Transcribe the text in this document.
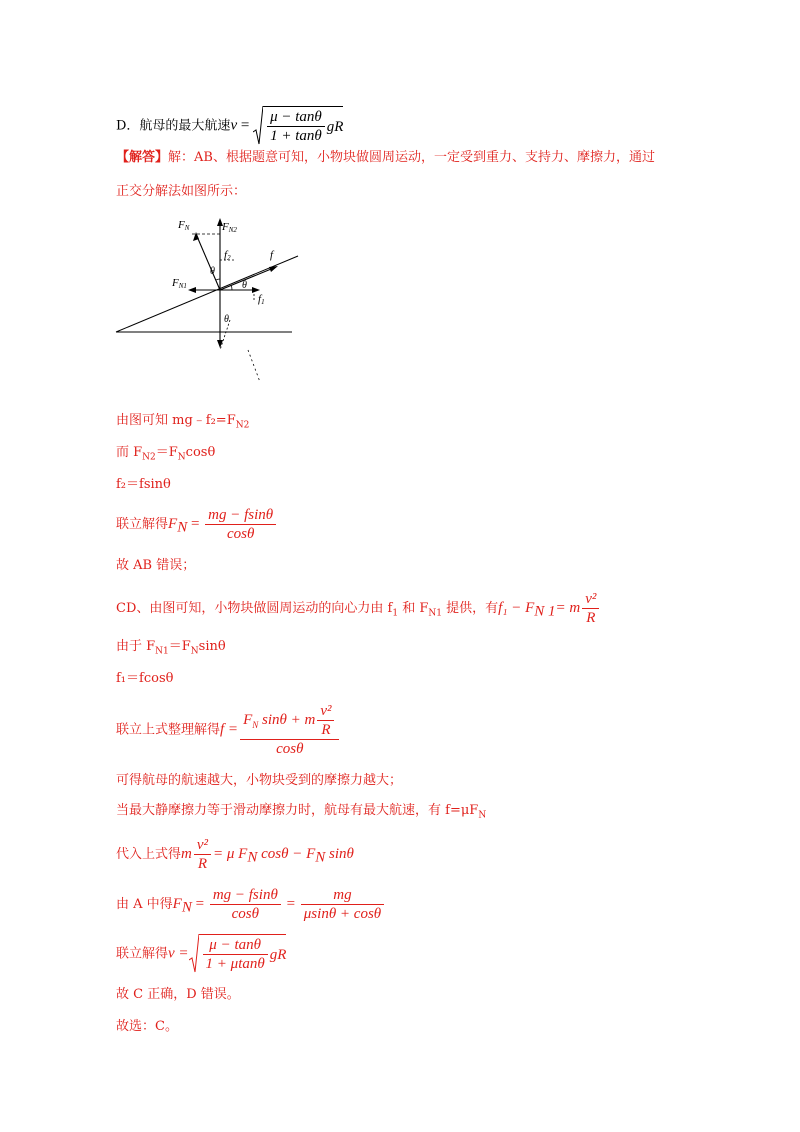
D．航母的最大航速$v = \frac{\mu - \tan\theta}{1 + \tan\theta}$ gR
【解答】解：AB、根据题意可知，小物块做圆周运动，一定受到重力、支持力、摩擦力，通过
正交分解法如图所示：
FN	FN2
FN1
f2	f
f1
θ
θ
θ
由图可知 $mg﹣f_2=F_{N2}$
而 $F_{N2}=F_N\cos\theta$
f₂＝fsinθ
联立解得$F_N = \frac{mg - fsin\theta}{\cos\theta}$
故 AB 错误；
CD、由图可知，小物块做圆周运动的向心力由 $f_1$ 和 $F_{N1}$ 提供，有$f_1 - F_{N 1}= m \frac{\text{v²}}{R}$
由于 $F_{N1}=F_N\sin\theta$
f₁＝fcosθ
联立上式整理解得$f = \frac{F_N \sin\theta + m \frac{\text{v²}}{R}}{\cos\theta}$
可得航母的航速越大，小物块受到的摩擦力越大；
当最大静摩擦力等于滑动摩擦力时，航母有最大航速，有 $f=\mu F_N$
代入上式得m $\frac{\text{v²}}{R} = \mu$ $F_N$ $\cos\theta - F_N$ sinθ
由 A 中得$F_N = \frac{mg - fsin\theta}{\cos\theta} = \frac{mg}{\mu\sin\theta + \cos\theta}$
联立解得$v = \frac{\mu - \tan\theta}{1 + \mu\tan\theta}$ gR
故 C 正确，D 错误。
故选：C。
